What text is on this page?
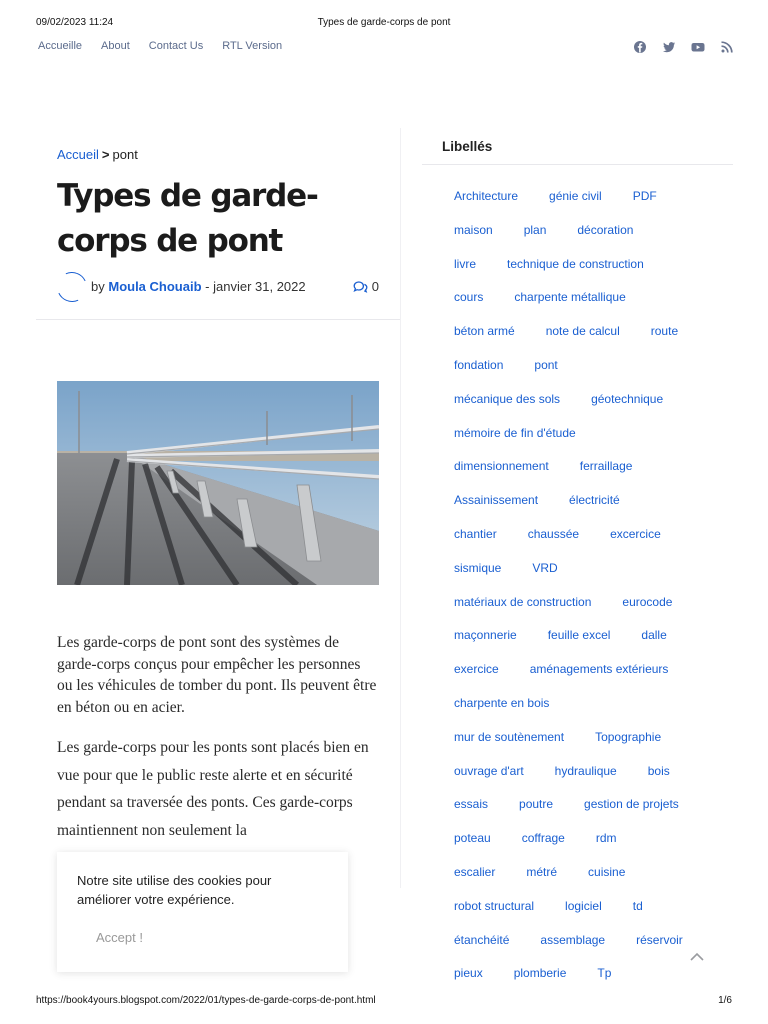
09/02/2023 11:24	Types de garde-corps de pont
Accueille About Contact Us RTL Version
Accueil > pont
Types de garde-corps de pont
by Moula Chouaib - janvier 31, 2022	0

Les garde-corps de pont sont des systèmes de garde-corps conçus pour empêcher les personnes ou les véhicules de tomber du pont. Ils peuvent être en béton ou en acier.

Les garde-corps pour les ponts sont placés bien en vue pour que le public reste alerte et en sécurité pendant sa traversée des ponts. Ces garde-corps maintiennent non seulement la

Notre site utilise des cookies pour améliorer votre expérience.

Accept !
Libellés
Architecture	génie civil	PDF
maison	plan	décoration
livre	technique de construction
cours	charpente métallique
béton armé	note de calcul	route
fondation	pont
mécanique des sols	géotechnique
mémoire de fin d'étude
dimensionnement	ferraillage
Assainissement	électricité
chantier	chaussée	excercice
sismique	VRD
matériaux de construction	eurocode
maçonnerie	feuille excel	dalle
exercice	aménagements extérieurs
charpente en bois
mur de soutènement	Topographie
ouvrage d'art	hydraulique	bois
essais	poutre	gestion de projets
poteau	coffrage	rdm
escalier	métré	cuisine
robot structural	logiciel	td
étanchéité	assemblage	réservoir
pieux	plomberie	Tp
https://book4yours.blogspot.com/2022/01/types-de-garde-corps-de-pont.html	1/6
